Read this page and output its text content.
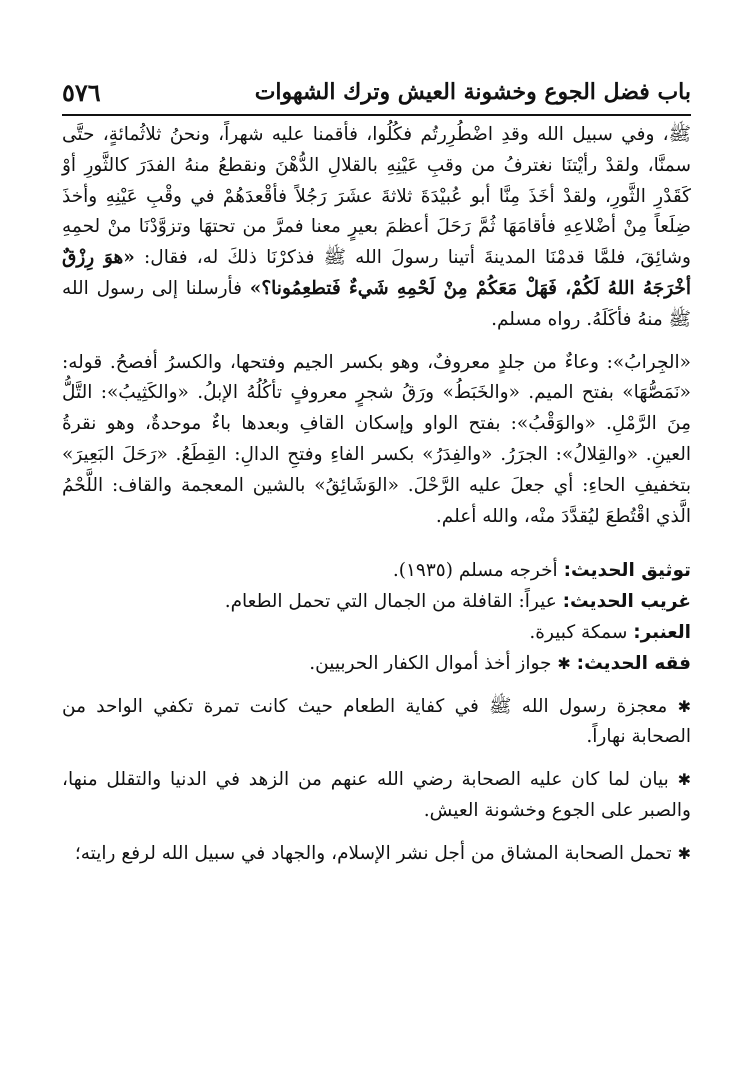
باب فضل الجوع وخشونة العيش وترك الشهوات
٥٧٦

ﷺ، وفي سبيل الله وقدِ اضْطُرِرتُم فكُلُوا، فأقمنا عليه شهراً، ونحنُ ثلاثُمائةٍ، حتَّى سمنَّا، ولقدْ رأيْتنَا نغترفُ من وقبِ عَيْنِهِ بالقلالِ الدُّهْنَ ونقطعُ منهُ الفدَرَ كالثَّورِ أوْ كَقَدْرِ الثَّورِ، ولقدْ أخَذَ مِنَّا أبو عُبيْدَةَ ثلاثةَ عشَرَ رَجُلاً فأقْعدَهُمْ في وقْبِ عَيْنِهِ وأخذَ ضِلَعاً مِنْ أضْلاعِهِ فأقامَهَا ثُمَّ رَحَلَ أعظمَ بعيرٍ معنا فمرَّ من تحتهَا وتزوَّدْنَا منْ لحمِهِ وشائِقَ، فلمَّا قدمْنَا المدينةَ أتينا رسولَ الله ﷺ فذكرْنَا ذلكَ له، فقال: «هوَ رِزْقٌ أخْرَجَهُ اللهُ لَكُمْ، فَهَلْ مَعَكُمْ مِنْ لَحْمِهِ شَيءٌ فَتطعِمُونا؟» فأرسلنا إلى رسول الله ﷺ منهُ فأكَلَهُ. رواه مسلم.

«الجِرابُ»: وعاءٌ من جلدٍ معروفٌ، وهو بكسر الجيم وفتحها، والكسرُ أفصحُ. قوله: «نَمَصُّهَا» بفتح الميم. «والخَبَطُ» ورَقُ شجرٍ معروفٍ تأكُلُهُ الإبلُ. «والكَثِيبُ»: التَّلُّ مِنَ الرَّمْلِ. «والوَقْبُ»: بفتح الواو وإسكان القافِ وبعدها باءٌ موحدةٌ، وهو نقرةُ العينِ. «والقِلالُ»: الجرَرُ. «والفِدَرُ» بكسر الفاءِ وفتحِ الدالِ: القِطَعُ. «رَحَلَ البَعِيرَ» بتخفيفِ الحاءِ: أي جعلَ عليه الرَّحْلَ. «الوَشَائِقُ» بالشين المعجمة والقاف: اللَّحْمُ الَّذي اقْتُطعَ ليُقدَّدَ منْه، والله أعلم.

توثيق الحديث: أخرجه مسلم (١٩٣٥).

غريب الحديث: عيراً: القافلة من الجمال التي تحمل الطعام.

العنبر: سمكة كبيرة.

فقه الحديث: ✱ جواز أخذ أموال الكفار الحربيين.

✱ معجزة رسول الله ﷺ في كفاية الطعام حيث كانت تمرة تكفي الواحد من الصحابة نهاراً.

✱ بيان لما كان عليه الصحابة رضي الله عنهم من الزهد في الدنيا والتقلل منها، والصبر على الجوع وخشونة العيش.

✱ تحمل الصحابة المشاق من أجل نشر الإسلام، والجهاد في سبيل الله لرفع رايته؛
